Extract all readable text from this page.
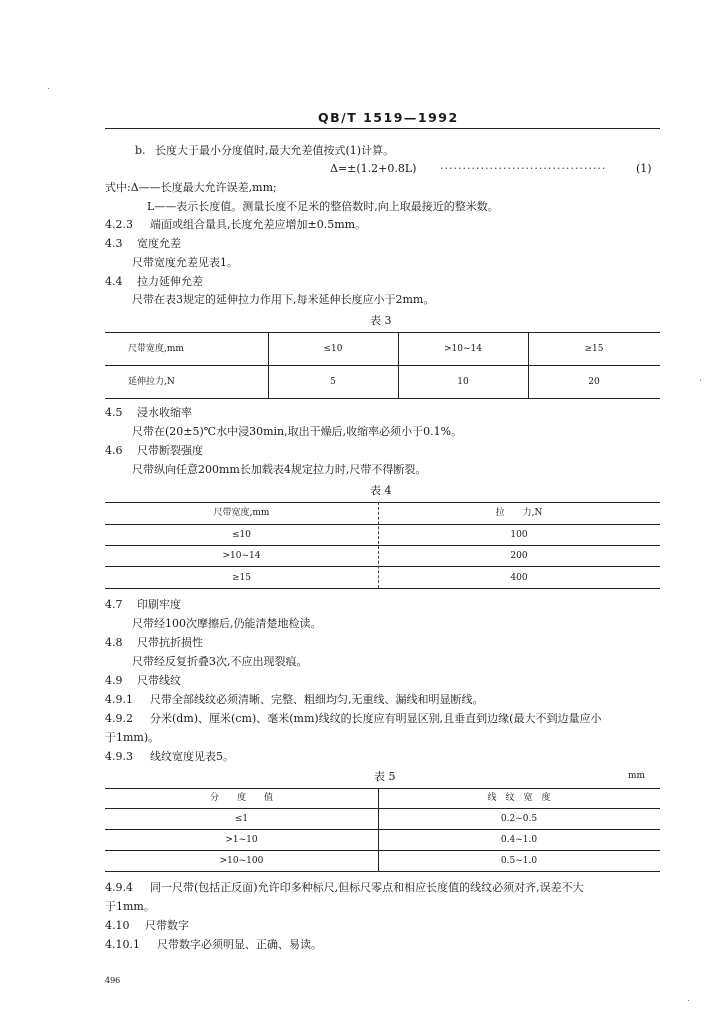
QB/T 1519—1992
b. 长度大于最小分度值时,最大允差值按式(1)计算。
Δ=±(1.2+0.8L) ·····································	(1)
式中:Δ——长度最大允许误差,mm;
L——表示长度值。测量长度不足米的整倍数时,向上取最接近的整米数。
4.2.3 端面或组合量具,长度允差应增加±0.5mm。
4.3 宽度允差
尺带宽度允差见表1。
4.4 拉力延伸允差
尺带在表3规定的延伸拉力作用下,每米延伸长度应小于2mm。
表 3
尺带宽度,mm	≤10	>10~14	≥15
延伸拉力,N	5	10	20
4.5 浸水收缩率
尺带在(20±5)℃水中浸30min,取出干燥后,收缩率必须小于0.1%。
4.6 尺带断裂强度
尺带纵向任意200mm长加载表4规定拉力时,尺带不得断裂。
表 4
尺带宽度,mm	拉　　力,N
≤10	100
>10~14	200
≥15	400
4.7 印刷牢度
尺带经100次摩擦后,仍能清楚地检读。
4.8 尺带抗折损性
尺带经反复折叠3次,不应出现裂痕。
4.9 尺带线纹
4.9.1 尺带全部线纹必须清晰、完整、粗细均匀,无重线、漏线和明显断线。
4.9.2 分米(dm)、厘米(cm)、毫米(mm)线纹的长度应有明显区别,且垂直到边缘(最大不到边量应小
于1mm)。
4.9.3 线纹宽度见表5。
表 5	mm
分　　度　　值	线　纹　宽　度
≤1	0.2~0.5
>1~10	0.4~1.0
>10~100	0.5~1.0
4.9.4 同一尺带(包括正反面)允许印多种标尺,但标尺零点和相应长度值的线纹必须对齐,误差不大
于1mm。
4.10 尺带数字
4.10.1 尺带数字必须明显、正确、易读。
496
